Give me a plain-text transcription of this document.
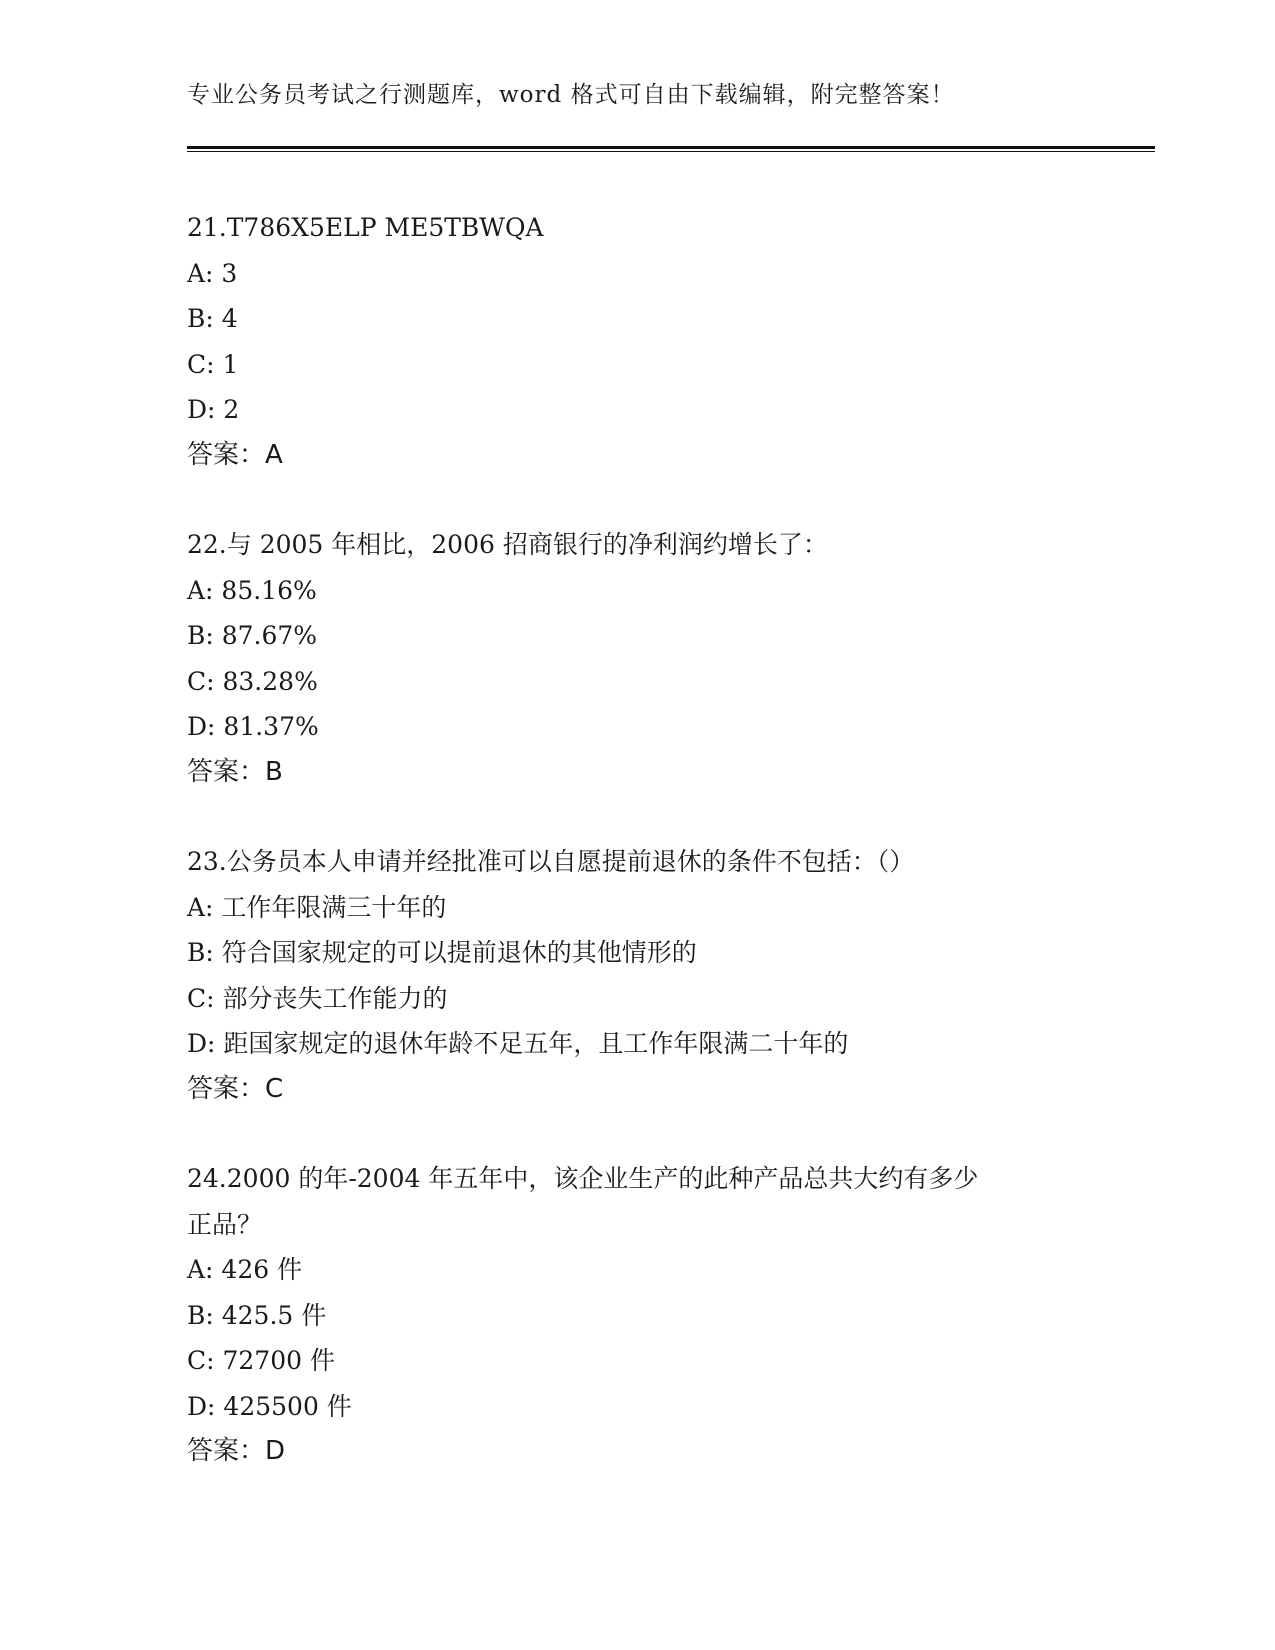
专业公务员考试之行测题库，word 格式可自由下载编辑，附完整答案！
21.T786X5ELP ME5TBWQA
A: 3
B: 4
C: 1
D: 2
答案：A
22.与 2005 年相比，2006 招商银行的净利润约增长了：
A: 85.16%
B: 87.67%
C: 83.28%
D: 81.37%
答案：B
23.公务员本人申请并经批准可以自愿提前退休的条件不包括：（）
A: 工作年限满三十年的
B: 符合国家规定的可以提前退休的其他情形的
C: 部分丧失工作能力的
D: 距国家规定的退休年龄不足五年，且工作年限满二十年的
答案：C
24.2000 的年-2004 年五年中，该企业生产的此种产品总共大约有多少
正品？
A: 426 件
B: 425.5 件
C: 72700 件
D: 425500 件
答案：D
